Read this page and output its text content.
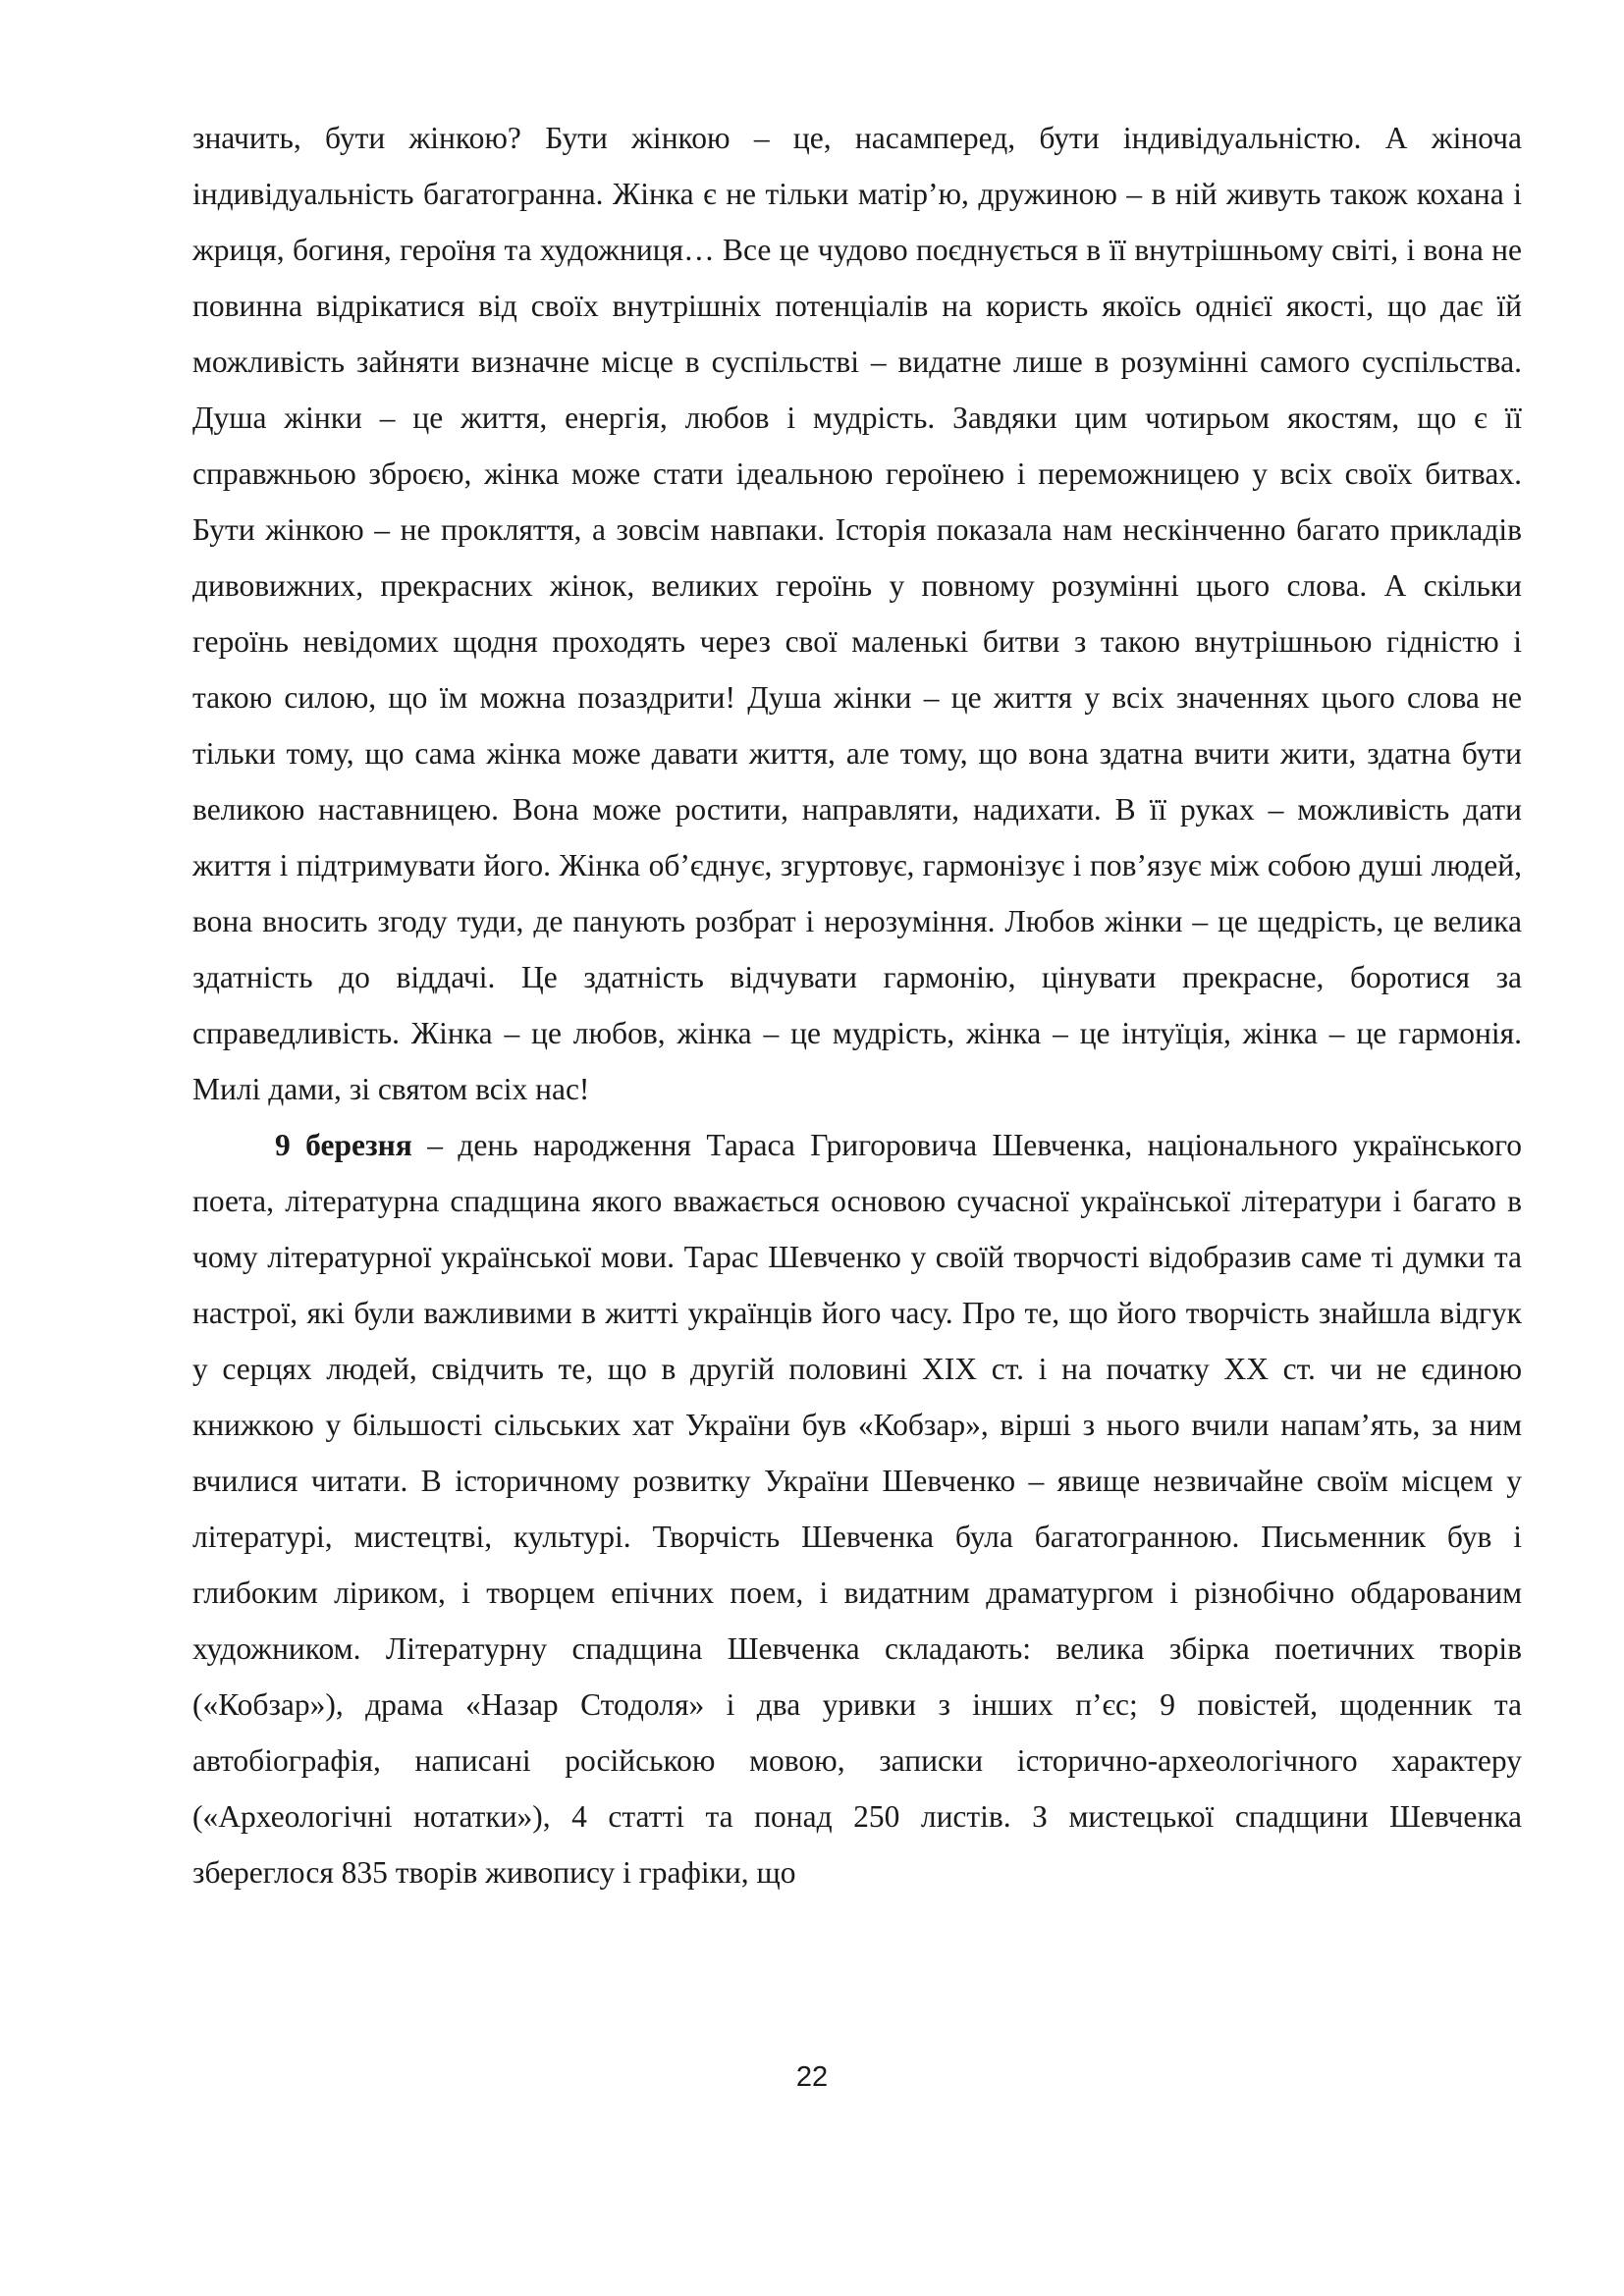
значить, бути жінкою? Бути жінкою – це, насамперед, бути індивідуальністю. А жіноча індивідуальність багатогранна. Жінка є не тільки матір’ю, дружиною – в ній живуть також кохана і жриця, богиня, героїня та художниця… Все це чудово поєднується в її внутрішньому світі, і вона не повинна відрікатися від своїх внутрішніх потенціалів на користь якоїсь однієї якості, що дає їй можливість зайняти визначне місце в суспільстві – видатне лише в розумінні самого суспільства. Душа жінки – це життя, енергія, любов і мудрість. Завдяки цим чотирьом якостям, що є її справжньою зброєю, жінка може стати ідеальною героїнею і переможницею у всіх своїх битвах. Бути жінкою – не прокляття, а зовсім навпаки. Історія показала нам нескінченно багато прикладів дивовижних, прекрасних жінок, великих героїнь у повному розумінні цього слова. А скільки героїнь невідомих щодня проходять через свої маленькі битви з такою внутрішньою гідністю і такою силою, що їм можна позаздрити! Душа жінки – це життя у всіх значеннях цього слова не тільки тому, що сама жінка може давати життя, але тому, що вона здатна вчити жити, здатна бути великою наставницею. Вона може ростити, направляти, надихати. В її руках – можливість дати життя і підтримувати його. Жінка об’єднує, згуртовує, гармонізує і пов’язує між собою душі людей, вона вносить згоду туди, де панують розбрат і нерозуміння. Любов жінки – це щедрість, це велика здатність до віддачі. Це здатність відчувати гармонію, цінувати прекрасне, боротися за справедливість. Жінка – це любов, жінка – це мудрість, жінка – це інтуїція, жінка – це гармонія. Милі дами, зі святом всіх нас!

9 березня – день народження Тараса Григоровича Шевченка, національного українського поета, літературна спадщина якого вважається основою сучасної української літератури і багато в чому літературної української мови. Тарас Шевченко у своїй творчості відобразив саме ті думки та настрої, які були важливими в житті українців його часу. Про те, що його творчість знайшла відгук у серцях людей, свідчить те, що в другій половині XIX ст. і на початку XX ст. чи не єдиною книжкою у більшості сільських хат України був «Кобзар», вірші з нього вчили напам’ять, за ним вчилися читати. В історичному розвитку України Шевченко – явище незвичайне своїм місцем у літературі, мистецтві, культурі. Творчість Шевченка була багатогранною. Письменник був і глибоким ліриком, і творцем епічних поем, і видатним драматургом і різнобічно обдарованим художником. Літературну спадщина Шевченка складають: велика збірка поетичних творів («Кобзар»), драма «Назар Стодоля» і два уривки з інших п’єс; 9 повістей, щоденник та автобіографія, написані російською мовою, записки історично-археологічного характеру («Археологічні нотатки»), 4 статті та понад 250 листів. З мистецької спадщини Шевченка збереглося 835 творів живопису і графіки, що

22
